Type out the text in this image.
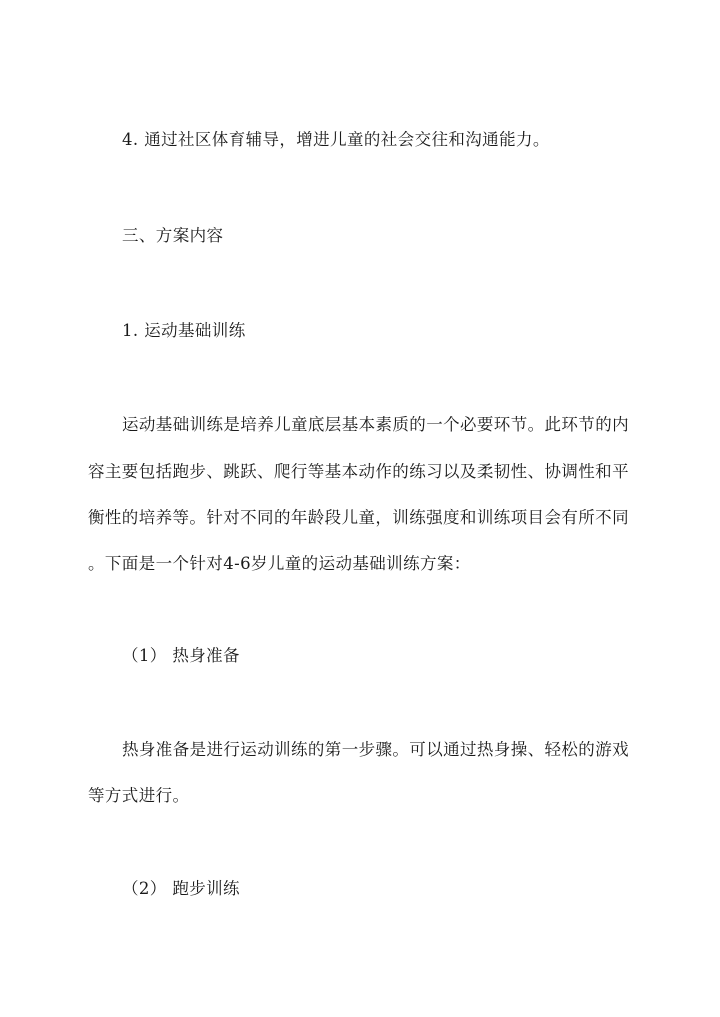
4. 通过社区体育辅导，增进儿童的社会交往和沟通能力。
三、方案内容
1. 运动基础训练
运动基础训练是培养儿童底层基本素质的一个必要环节。此环节的内
容主要包括跑步、跳跃、爬行等基本动作的练习以及柔韧性、协调性和平
衡性的培养等。针对不同的年龄段儿童，训练强度和训练项目会有所不同
。下面是一个针对4-6岁儿童的运动基础训练方案：
（1） 热身准备
热身准备是进行运动训练的第一步骤。可以通过热身操、轻松的游戏
等方式进行。
（2） 跑步训练
